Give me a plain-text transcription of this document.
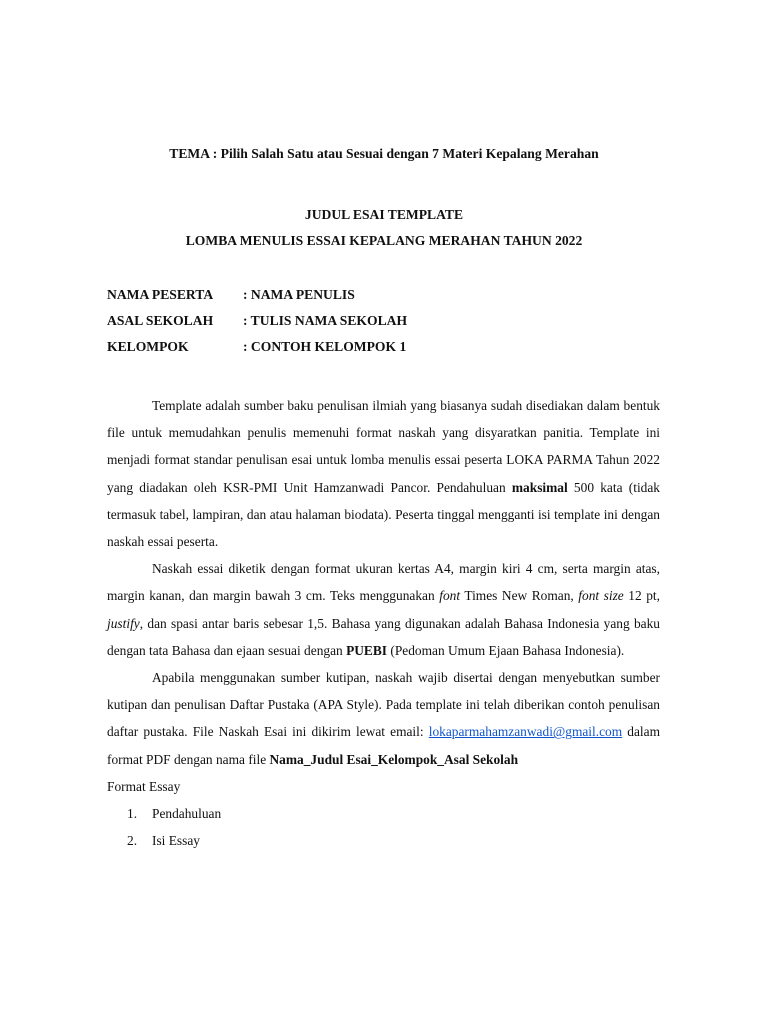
TEMA : Pilih Salah Satu atau Sesuai dengan 7 Materi Kepalang Merahan
JUDUL ESAI TEMPLATE
LOMBA MENULIS ESSAI KEPALANG MERAHAN TAHUN 2022
NAMA PESERTA : NAMA PENULIS
ASAL SEKOLAH : TULIS NAMA SEKOLAH
KELOMPOK	: CONTOH KELOMPOK 1

Template adalah sumber baku penulisan ilmiah yang biasanya sudah disediakan dalam bentuk file untuk memudahkan penulis memenuhi format naskah yang disyaratkan panitia. Template ini menjadi format standar penulisan esai untuk lomba menulis essai peserta LOKA PARMA Tahun 2022 yang diadakan oleh KSR-PMI Unit Hamzanwadi Pancor. Pendahuluan maksimal 500 kata (tidak termasuk tabel, lampiran, dan atau halaman biodata). Peserta tinggal mengganti isi template ini dengan naskah essai peserta.

Naskah essai diketik dengan format ukuran kertas A4, margin kiri 4 cm, serta margin atas, margin kanan, dan margin bawah 3 cm. Teks menggunakan font Times New Roman, font size 12 pt, justify, dan spasi antar baris sebesar 1,5. Bahasa yang digunakan adalah Bahasa Indonesia yang baku dengan tata Bahasa dan ejaan sesuai dengan PUEBI (Pedoman Umum Ejaan Bahasa Indonesia).

Apabila menggunakan sumber kutipan, naskah wajib disertai dengan menyebutkan sumber kutipan dan penulisan Daftar Pustaka (APA Style). Pada template ini telah diberikan contoh penulisan daftar pustaka. File Naskah Esai ini dikirim lewat email: lokaparmahamzanwadi@gmail.com dalam format PDF dengan nama file Nama_Judul Esai_Kelompok_Asal Sekolah

Format Essay

1. Pendahuluan
2. Isi Essay
